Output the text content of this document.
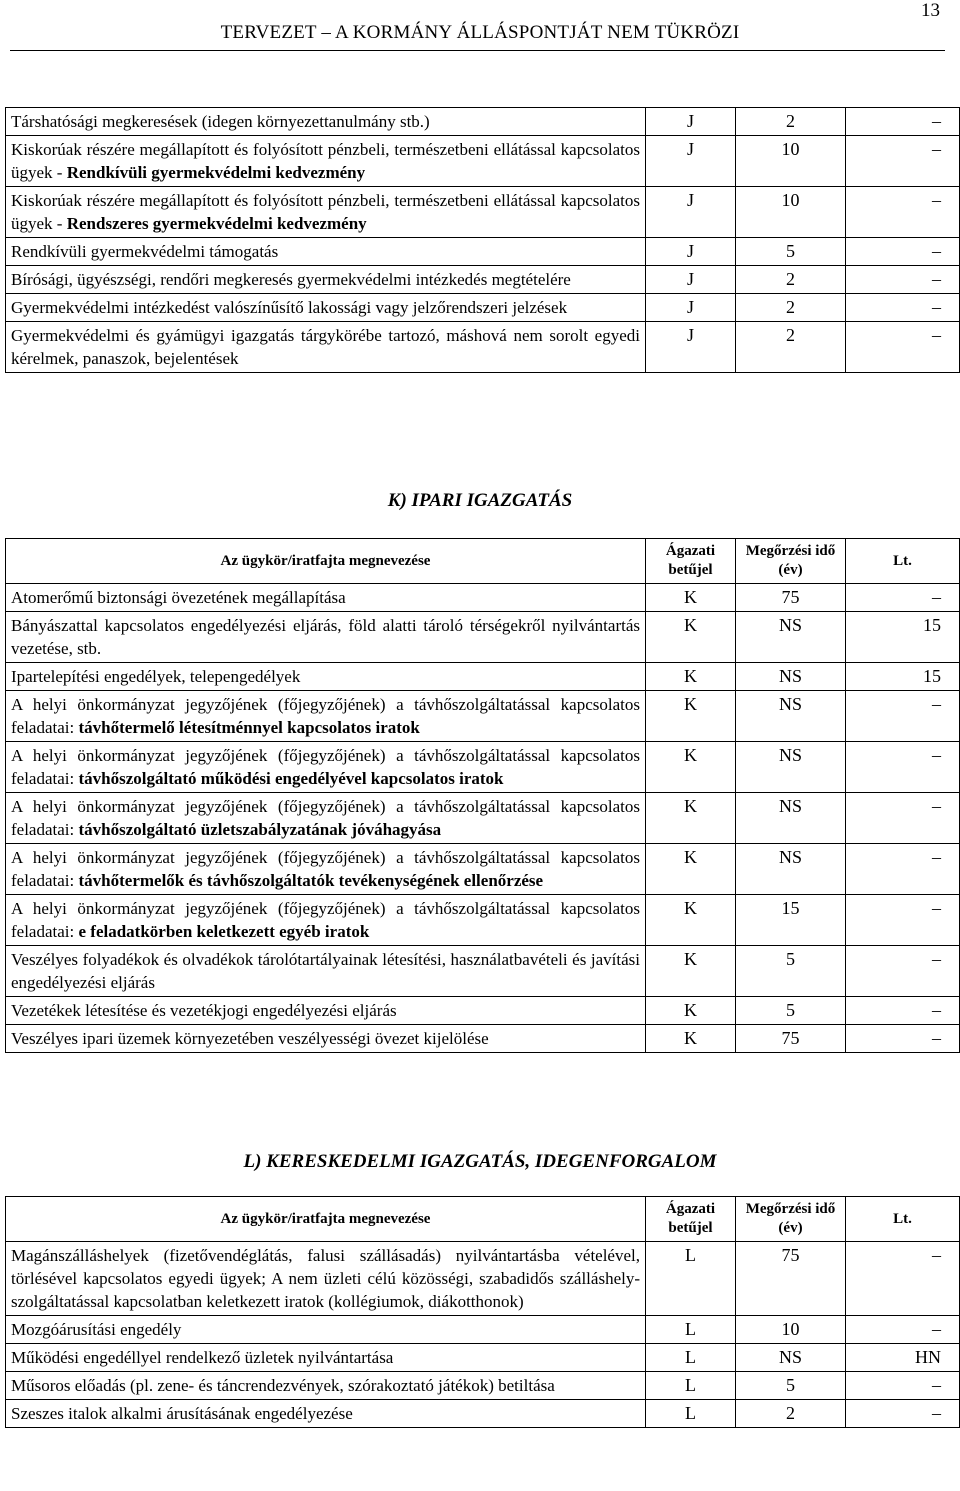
13
TERVEZET – A KORMÁNY ÁLLÁSPONTJÁT NEM TÜKRÖZI
Társhatósági megkeresések (idegen környezettanulmány stb.)	J	2	–
Kiskorúak részére megállapított és folyósított pénzbeli, természetbeni ellátással kapcsolatos ügyek - Rendkívüli gyermekvédelmi kedvezmény	J	10	–
Kiskorúak részére megállapított és folyósított pénzbeli, természetbeni ellátással kapcsolatos ügyek - Rendszeres gyermekvédelmi kedvezmény	J	10	–
Rendkívüli gyermekvédelmi támogatás	J	5	–
Bírósági, ügyészségi, rendőri megkeresés gyermekvédelmi intézkedés megtételére	J	2	–
Gyermekvédelmi intézkedést valószínűsítő lakossági vagy jelzőrendszeri jelzések	J	2	–
Gyermekvédelmi és gyámügyi igazgatás tárgykörébe tartozó, máshová nem sorolt egyedi kérelmek, panaszok, bejelentések	J	2	–
K) IPARI IGAZGATÁS
Az ügykör/iratfajta megnevezése	Ágazati betűjel	Megőrzési idő (év)	Lt.
Atomerőmű biztonsági övezetének megállapítása	K	75	–
Bányászattal kapcsolatos engedélyezési eljárás, föld alatti tároló térségekről nyilvántartás vezetése, stb.	K	NS	15
Ipartelepítési engedélyek, telepengedélyek	K	NS	15
A helyi önkormányzat jegyzőjének (főjegyzőjének) a távhőszolgáltatással kapcsolatos feladatai: távhőtermelő létesítménnyel kapcsolatos iratok	K	NS	–
A helyi önkormányzat jegyzőjének (főjegyzőjének) a távhőszolgáltatással kapcsolatos feladatai: távhőszolgáltató működési engedélyével kapcsolatos iratok	K	NS	–
A helyi önkormányzat jegyzőjének (főjegyzőjének) a távhőszolgáltatással kapcsolatos feladatai: távhőszolgáltató üzletszabályzatának jóváhagyása	K	NS	–
A helyi önkormányzat jegyzőjének (főjegyzőjének) a távhőszolgáltatással kapcsolatos feladatai: távhőtermelők és távhőszolgáltatók tevékenységének ellenőrzése	K	NS	–
A helyi önkormányzat jegyzőjének (főjegyzőjének) a távhőszolgáltatással kapcsolatos feladatai: e feladatkörben keletkezett egyéb iratok	K	15	–
Veszélyes folyadékok és olvadékok tárolótartályainak létesítési, használatbavételi és javítási engedélyezési eljárás	K	5	–
Vezetékek létesítése és vezetékjogi engedélyezési eljárás	K	5	–
Veszélyes ipari üzemek környezetében veszélyességi övezet kijelölése	K	75	–
L) KERESKEDELMI IGAZGATÁS, IDEGENFORGALOM
Az ügykör/iratfajta megnevezése	Ágazati betűjel	Megőrzési idő (év)	Lt.
Magánszálláshelyek (fizetővendéglátás, falusi szállásadás) nyilvántartásba vételével, törlésével kapcsolatos egyedi ügyek; A nem üzleti célú közösségi, szabadidős szálláshely-szolgáltatással kapcsolatban keletkezett iratok (kollégiumok, diákotthonok)	L	75	–
Mozgóárusítási engedély	L	10	–
Működési engedéllyel rendelkező üzletek nyilvántartása	L	NS	HN
Műsoros előadás (pl. zene- és táncrendezvények, szórakoztató játékok) betiltása	L	5	–
Szeszes italok alkalmi árusításának engedélyezése	L	2	–
